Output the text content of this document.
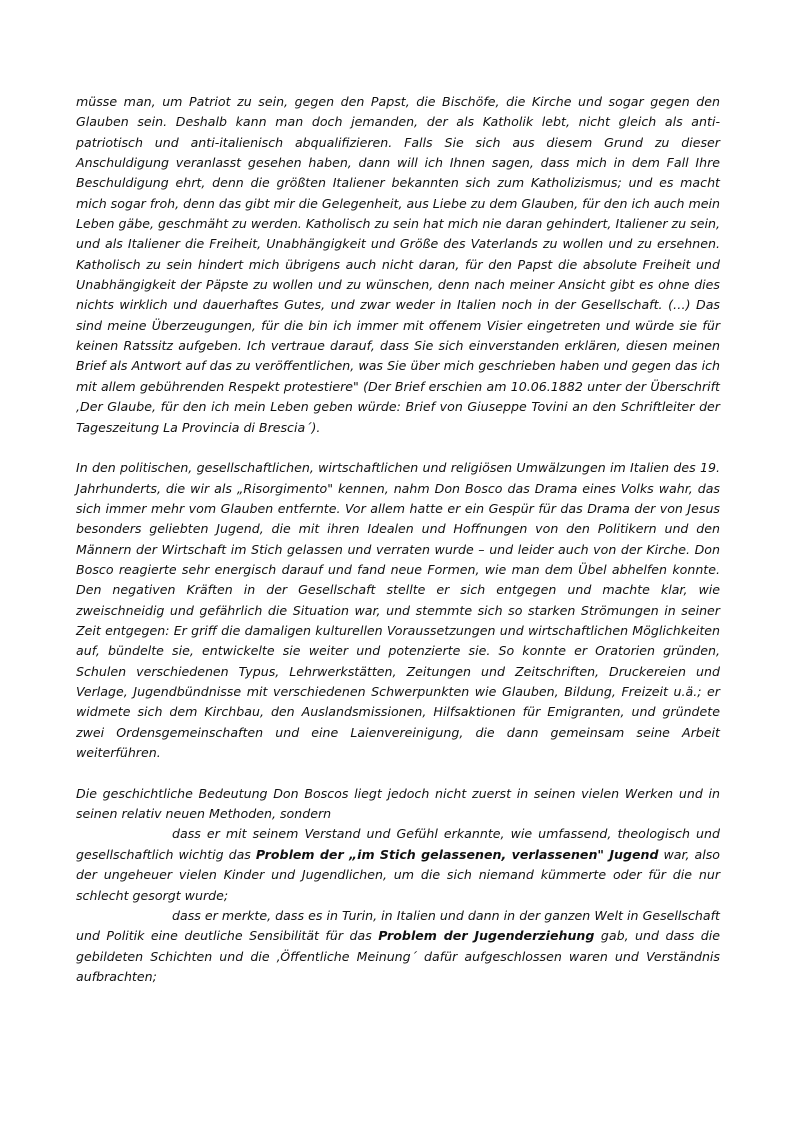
müsse man, um Patriot zu sein, gegen den Papst, die Bischöfe, die Kirche und sogar gegen den Glauben sein. Deshalb kann man doch jemanden, der als Katholik lebt, nicht gleich als anti-patriotisch und anti-italienisch abqualifizieren. Falls Sie sich aus diesem Grund zu dieser Anschuldigung veranlasst gesehen haben, dann will ich Ihnen sagen, dass mich in dem Fall Ihre Beschuldigung ehrt, denn die größten Italiener bekannten sich zum Katholizismus; und es macht mich sogar froh, denn das gibt mir die Gelegenheit, aus Liebe zu dem Glauben, für den ich auch mein Leben gäbe, geschmäht zu werden. Katholisch zu sein hat mich nie daran gehindert, Italiener zu sein, und als Italiener die Freiheit, Unabhängigkeit und Größe des Vaterlands zu wollen und zu ersehnen. Katholisch zu sein hindert mich übrigens auch nicht daran, für den Papst die absolute Freiheit und Unabhängigkeit der Päpste zu wollen und zu wünschen, denn nach meiner Ansicht gibt es ohne dies nichts wirklich und dauerhaftes Gutes, und zwar weder in Italien noch in der Gesellschaft. (…) Das sind meine Überzeugungen, für die bin ich immer mit offenem Visier eingetreten und würde sie für keinen Ratssitz aufgeben. Ich vertraue darauf, dass Sie sich einverstanden erklären, diesen meinen Brief als Antwort auf das zu veröffentlichen, was Sie über mich geschrieben haben und gegen das ich mit allem gebührenden Respekt protestiere" (Der Brief erschien am 10.06.1882 unter der Überschrift ‚Der Glaube, für den ich mein Leben geben würde: Brief von Giuseppe Tovini an den Schriftleiter der Tageszeitung La Provincia di Brescia´).

In den politischen, gesellschaftlichen, wirtschaftlichen und religiösen Umwälzungen im Italien des 19. Jahrhunderts, die wir als „Risorgimento" kennen, nahm Don Bosco das Drama eines Volks wahr, das sich immer mehr vom Glauben entfernte. Vor allem hatte er ein Gespür für das Drama der von Jesus besonders geliebten Jugend, die mit ihren Idealen und Hoffnungen von den Politikern und den Männern der Wirtschaft im Stich gelassen und verraten wurde – und leider auch von der Kirche. Don Bosco reagierte sehr energisch darauf und fand neue Formen, wie man dem Übel abhelfen konnte. Den negativen Kräften in der Gesellschaft stellte er sich entgegen und machte klar, wie zweischneidig und gefährlich die Situation war, und stemmte sich so starken Strömungen in seiner Zeit entgegen: Er griff die damaligen kulturellen Voraussetzungen und wirtschaftlichen Möglichkeiten auf, bündelte sie, entwickelte sie weiter und potenzierte sie. So konnte er Oratorien gründen, Schulen verschiedenen Typus, Lehrwerkstätten, Zeitungen und Zeitschriften, Druckereien und Verlage, Jugendbündnisse mit verschiedenen Schwerpunkten wie Glauben, Bildung, Freizeit u.ä.; er widmete sich dem Kirchbau, den Auslandsmissionen, Hilfsaktionen für Emigranten, und gründete zwei Ordensgemeinschaften und eine Laienvereinigung, die dann gemeinsam seine Arbeit weiterführen.

Die geschichtliche Bedeutung Don Boscos liegt jedoch nicht zuerst in seinen vielen Werken und in seinen relativ neuen Methoden, sondern

dass er mit seinem Verstand und Gefühl erkannte, wie umfassend, theologisch und gesellschaftlich wichtig das Problem der „im Stich gelassenen, verlassenen" Jugend war, also der ungeheuer vielen Kinder und Jugendlichen, um die sich niemand kümmerte oder für die nur schlecht gesorgt wurde;

dass er merkte, dass es in Turin, in Italien und dann in der ganzen Welt in Gesellschaft und Politik eine deutliche Sensibilität für das Problem der Jugenderziehung gab, und dass die gebildeten Schichten und die ‚Öffentliche Meinung´ dafür aufgeschlossen waren und Verständnis aufbrachten;
